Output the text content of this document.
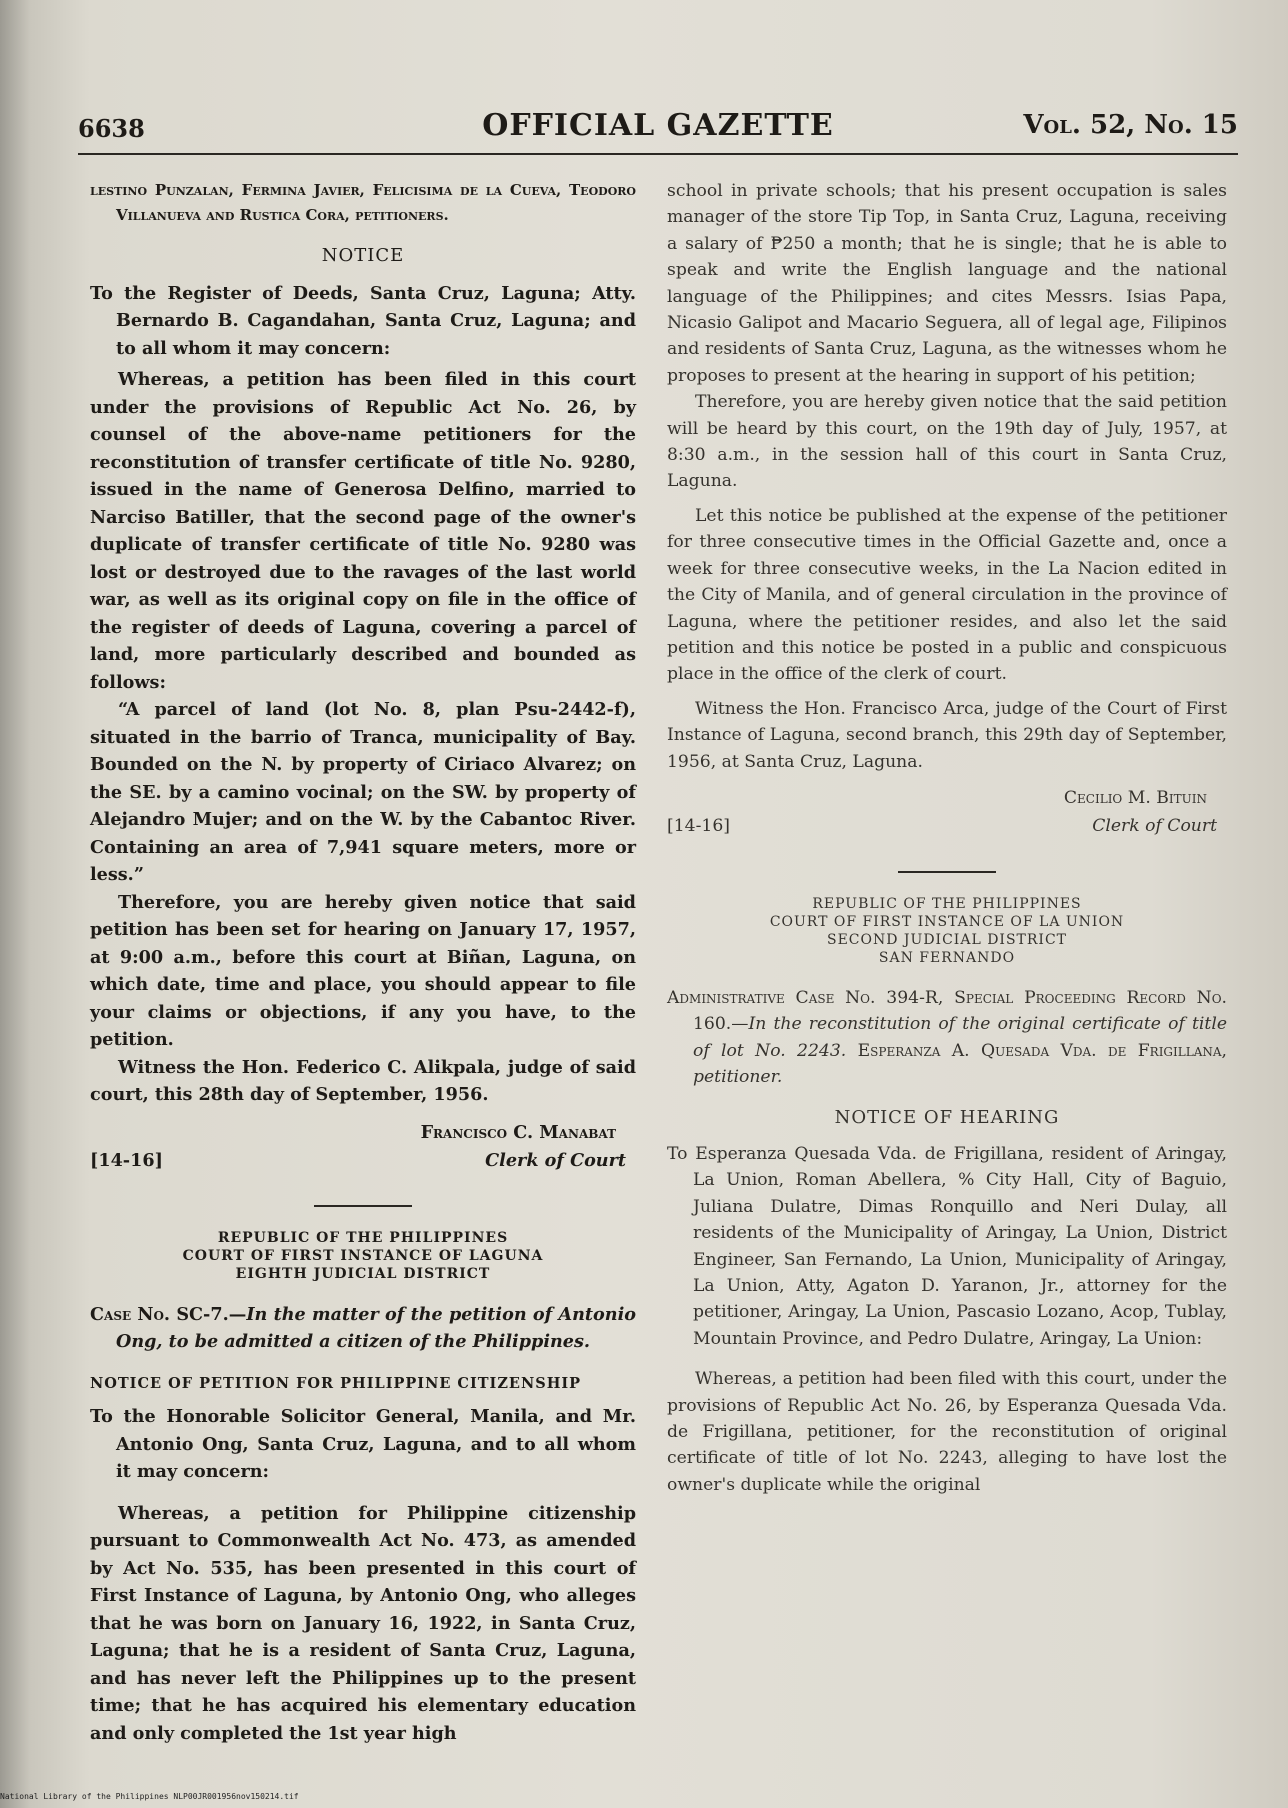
6638	OFFICIAL GAZETTE	Vol. 52, No. 15

lestino Punzalan, Fermina Javier, Felicisima de la Cueva, Teodoro Villanueva and Rustica Cora, petitioners.

NOTICE

To the Register of Deeds, Santa Cruz, Laguna; Atty. Bernardo B. Cagandahan, Santa Cruz, Laguna; and to all whom it may concern:

Whereas, a petition has been filed in this court under the provisions of Republic Act No. 26, by counsel of the above-name petitioners for the reconstitution of transfer certificate of title No. 9280, issued in the name of Generosa Delfino, married to Narciso Batiller, that the second page of the owner's duplicate of transfer certificate of title No. 9280 was lost or destroyed due to the ravages of the last world war, as well as its original copy on file in the office of the register of deeds of Laguna, covering a parcel of land, more particularly described and bounded as follows:

“A parcel of land (lot No. 8, plan Psu-2442-f), situated in the barrio of Tranca, municipality of Bay. Bounded on the N. by property of Ciriaco Alvarez; on the SE. by a camino vocinal; on the SW. by property of Alejandro Mujer; and on the W. by the Cabantoc River. Containing an area of 7,941 square meters, more or less.”

Therefore, you are hereby given notice that said petition has been set for hearing on January 17, 1957, at 9:00 a.m., before this court at Biñan, Laguna, on which date, time and place, you should appear to file your claims or objections, if any you have, to the petition.

Witness the Hon. Federico C. Alikpala, judge of said court, this 28th day of September, 1956.

Francisco C. Manabat
[14-16]	Clerk of Court

REPUBLIC OF THE PHILIPPINES

COURT OF FIRST INSTANCE OF LAGUNA

EIGHTH JUDICIAL DISTRICT

Case No. SC-7.—In the matter of the petition of Antonio Ong, to be admitted a citizen of the Philippines.

NOTICE OF PETITION FOR PHILIPPINE CITIZENSHIP

To the Honorable Solicitor General, Manila, and Mr. Antonio Ong, Santa Cruz, Laguna, and to all whom it may concern:

Whereas, a petition for Philippine citizenship pursuant to Commonwealth Act No. 473, as amended by Act No. 535, has been presented in this court of First Instance of Laguna, by Antonio Ong, who alleges that he was born on January 16, 1922, in Santa Cruz, Laguna; that he is a resident of Santa Cruz, Laguna, and has never left the Philippines up to the present time; that he has acquired his elementary education and only completed the 1st year high

school in private schools; that his present occupation is sales manager of the store Tip Top, in Santa Cruz, Laguna, receiving a salary of ₱250 a month; that he is single; that he is able to speak and write the English language and the national language of the Philippines; and cites Messrs. Isias Papa, Nicasio Galipot and Macario Seguera, all of legal age, Filipinos and residents of Santa Cruz, Laguna, as the witnesses whom he proposes to present at the hearing in support of his petition;

Therefore, you are hereby given notice that the said petition will be heard by this court, on the 19th day of July, 1957, at 8:30 a.m., in the session hall of this court in Santa Cruz, Laguna.

Let this notice be published at the expense of the petitioner for three consecutive times in the Official Gazette and, once a week for three consecutive weeks, in the La Nacion edited in the City of Manila, and of general circulation in the province of Laguna, where the petitioner resides, and also let the said petition and this notice be posted in a public and conspicuous place in the office of the clerk of court.

Witness the Hon. Francisco Arca, judge of the Court of First Instance of Laguna, second branch, this 29th day of September, 1956, at Santa Cruz, Laguna.

Cecilio M. Bituin
[14-16]	Clerk of Court

REPUBLIC OF THE PHILIPPINES

COURT OF FIRST INSTANCE OF LA UNION

SECOND JUDICIAL DISTRICT

SAN FERNANDO

Administrative Case No. 394-R, Special Proceeding Record No. 160.—In the reconstitution of the original certificate of title of lot No. 2243. Esperanza A. Quesada Vda. de Frigillana, petitioner.

NOTICE OF HEARING

To Esperanza Quesada Vda. de Frigillana, resident of Aringay, La Union, Roman Abellera, % City Hall, City of Baguio, Juliana Dulatre, Dimas Ronquillo and Neri Dulay, all residents of the Municipality of Aringay, La Union, District Engineer, San Fernando, La Union, Municipality of Aringay, La Union, Atty, Agaton D. Yaranon, Jr., attorney for the petitioner, Aringay, La Union, Pascasio Lozano, Acop, Tublay, Mountain Province, and Pedro Dulatre, Aringay, La Union:

Whereas, a petition had been filed with this court, under the provisions of Republic Act No. 26, by Esperanza Quesada Vda. de Frigillana, petitioner, for the reconstitution of original certificate of title of lot No. 2243, alleging to have lost the owner's duplicate while the original

National Library of the Philippines NLP00JR001956nov150214.tif
